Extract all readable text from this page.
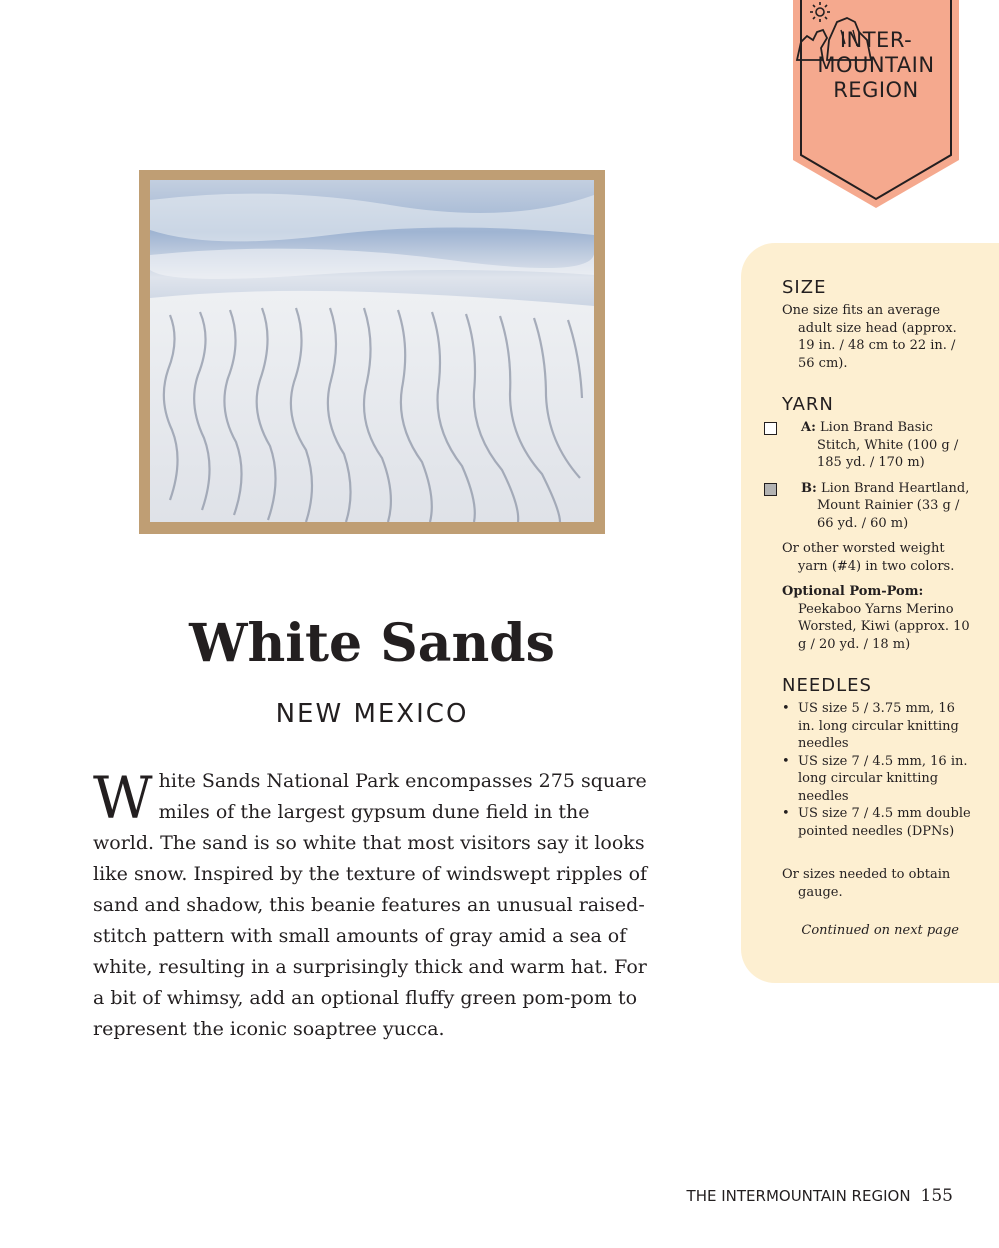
INTER-
MOUNTAIN
REGION
White Sands
NEW MEXICO

White Sands National Park encompasses 275 square miles of the largest gypsum dune field in the world. The sand is so white that most visitors say it looks like snow. Inspired by the texture of windswept ripples of sand and shadow, this beanie features an unusual raised-stitch pattern with small amounts of gray amid a sea of white, resulting in a surprisingly thick and warm hat. For a bit of whimsy, add an optional fluffy green pom-pom to represent the iconic soaptree yucca.

SIZE

One size fits an average adult size head (approx. 19 in. / 48 cm to 22 in. / 56 cm).

YARN

A: Lion Brand Basic Stitch, White (100 g / 185 yd. / 170 m)

B: Lion Brand Heartland, Mount Rainier (33 g / 66 yd. / 60 m)

Or other worsted weight yarn (#4) in two colors.

Optional Pom-Pom: Peekaboo Yarns Merino Worsted, Kiwi (approx. 10 g / 20 yd. / 18 m)

NEEDLES
• US size 5 / 3.75 mm, 16 in. long circular knitting needles
• US size 7 / 4.5 mm, 16 in. long circular knitting needles
• US size 7 / 4.5 mm double pointed needles (DPNs)

Or sizes needed to obtain gauge.

Continued on next page
THE INTERMOUNTAIN REGION 155
